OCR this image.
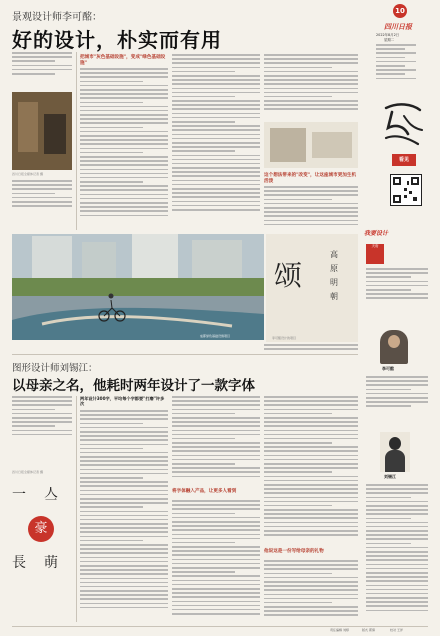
景观设计师李可酩：
好的设计，朴实而有用
10
四川日报
2022年8月2日
星期二
看见
四川日报全媒体记者 摄
把城市"灰色基础设施"，变成"绿色基础设施"
这个想法带来的"改变"，让这座城市更加生机活泼
成都绿色基础设施项目
颂
高
原
明
朝
李可酩设计的项目
我要设计
天府
李可酩
图形设计师刘锡江：
以母亲之名，他耗时两年设计了一款字体
四川日报全媒体记者 摄
一 亼
豪
長 萌
两年设计300字，平均每个字都要"打磨"许多次
将字体融入产品，让更多人看到
他说这是一份写给母亲的礼物
刘锡江
责任编辑 刘婷	版式 郭倩	校对 王洋
